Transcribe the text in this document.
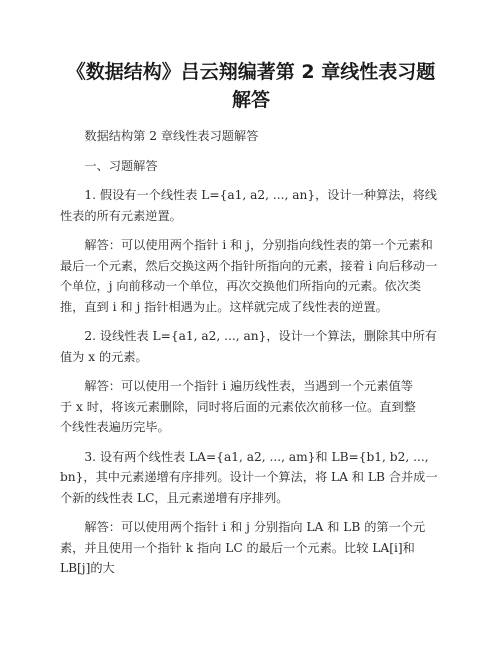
《数据结构》吕云翔编著第 2 章线性表习题解答

数据结构第 2 章线性表习题解答

一、习题解答

1. 假设有一个线性表 L={a1, a2, ..., an}，设计一种算法，将线性表的所有元素逆置。

解答：可以使用两个指针 i 和 j，分别指向线性表的第一个元素和最后一个元素，然后交换这两个指针所指向的元素，接着 i 向后移动一个单位，j 向前移动一个单位，再次交换他们所指向的元素。依次类推，直到 i 和 j 指针相遇为止。这样就完成了线性表的逆置。

2. 设线性表 L={a1, a2, ..., an}，设计一个算法，删除其中所有值为 x 的元素。

解答：可以使用一个指针 i 遍历线性表，当遇到一个元素值等于 x 时，将该元素删除，同时将后面的元素依次前移一位。直到整个线性表遍历完毕。

3. 设有两个线性表 LA={a1, a2, ..., am}和 LB={b1, b2, ..., bn}，其中元素递增有序排列。设计一个算法，将 LA 和 LB 合并成一个新的线性表 LC，且元素递增有序排列。

解答：可以使用两个指针 i 和 j 分别指向 LA 和 LB 的第一个元素，并且使用一个指针 k 指向 LC 的最后一个元素。比较 LA[i]和 LB[j]的大
